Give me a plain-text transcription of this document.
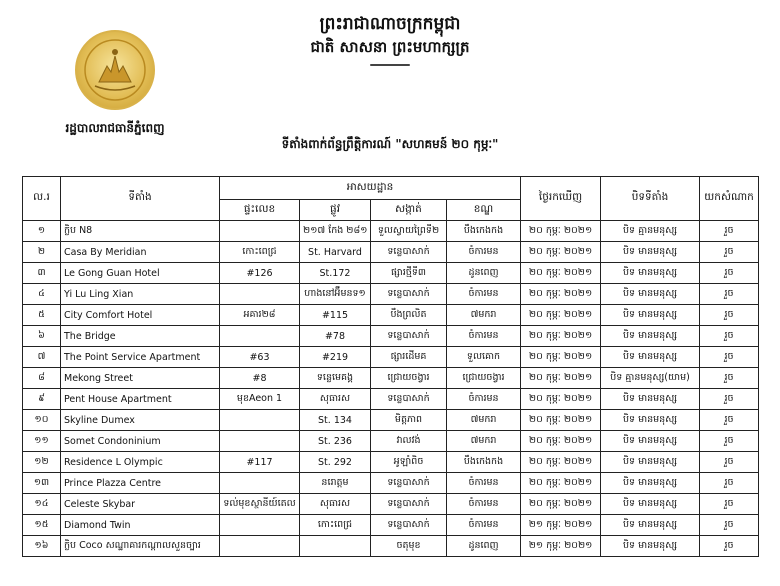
រដ្ឋបាលរាជធានីភ្នំពេញ
ព្រះរាជាណាចក្រកម្ពុជា
ជាតិ សាសនា ព្រះមហាក្សត្រ
ទីតាំងពាក់ព័ន្ធព្រឹត្តិការណ៍ "សហគមន៍ ២០ កុម្ភៈ"
ល.រ	ទីតាំង	អាសយដ្ឋាន				ថ្ងៃរកឃើញ	បិទទីតាំង	យកសំណាក
		ផ្ទះលេខ	ផ្លូវ	សង្កាត់	ខណ្ឌ			
១	ក្លិប N8		២១៧ កែង ២៨១	ទួលស្វាយព្រៃទី២	បឹងកេងកង	២០ កុម្ភៈ ២០២១	បិទ គ្មានមនុស្ស	រួច
២	Casa By Meridian	កោះពេជ្រ	St. Harvard	ទន្លេបាសាក់	ចំការមន	២០ កុម្ភៈ ២០២១	បិទ មានមនុស្ស	រួច
៣	Le Gong Guan Hotel	#126	St.172	ផ្សារថ្មីទី៣	ដូនពេញ	២០ កុម្ភៈ ២០២១	បិទ មានមនុស្ស	រួច
៤	Yi Lu Ling Xian		ហាងនៅអ៊ឹមនទ១	ទន្លេបាសាក់	ចំការមន	២០ កុម្ភៈ ២០២១	បិទ មានមនុស្ស	រួច
៥	City Comfort Hotel	អគារ២៨	#115	បឹងព្រលិត	៧មករា	២០ កុម្ភៈ ២០២១	បិទ មានមនុស្ស	រួច
៦	The Bridge		#78	ទន្លេបាសាក់	ចំការមន	២០ កុម្ភៈ ២០២១	បិទ មានមនុស្ស	រួច
៧	The Point Service Apartment	#63	#219	ផ្សារដើមគ	ទួលគោក	២០ កុម្ភៈ ២០២១	បិទ មានមនុស្ស	រួច
៨	Mekong Street	#8	ទន្លេមេគង្គ	ជ្រោយចង្វារ	ជ្រោយចង្វារ	២០ កុម្ភៈ ២០២១	បិទ គ្មានមនុស្ស(យាម)	រួច
៩	Pent House Apartment	មុខAeon 1	សុធារស	ទន្លេបាសាក់	ចំការមន	២០ កុម្ភៈ ២០២១	បិទ មានមនុស្ស	រួច
១០	Skyline Dumex		St. 134	មិត្តភាព	៧មករា	២០ កុម្ភៈ ២០២១	បិទ មានមនុស្ស	រួច
១១	Somet Condoninium		St. 236	វាលវង់	៧មករា	២០ កុម្ភៈ ២០២១	បិទ មានមនុស្ស	រួច
១២	Residence L Olympic	#117	St. 292	អូឡាំពិច	បឹងកេងកង	២០ កុម្ភៈ ២០២១	បិទ មានមនុស្ស	រួច
១៣	Prince Plazza Centre		នរោត្តម	ទន្លេបាសាក់	ចំការមន	២០ កុម្ភៈ ២០២១	បិទ មានមនុស្ស	រួច
១៤	Celeste Skybar	ទល់មុខស្ថានីយ៍តេល	សុធារស	ទន្លេបាសាក់	ចំការមន	២០ កុម្ភៈ ២០២១	បិទ មានមនុស្ស	រួច
១៥	Diamond Twin		កោះពេជ្រ	ទន្លេបាសាក់	ចំការមន	២១ កុម្ភៈ ២០២១	បិទ មានមនុស្ស	រួច
១៦	ក្លិប Coco សណ្ឋាគារកណ្ដាលសួនច្បារ			ចតុមុខ	ដូនពេញ	២១ កុម្ភៈ ២០២១	បិទ មានមនុស្ស	រួច
